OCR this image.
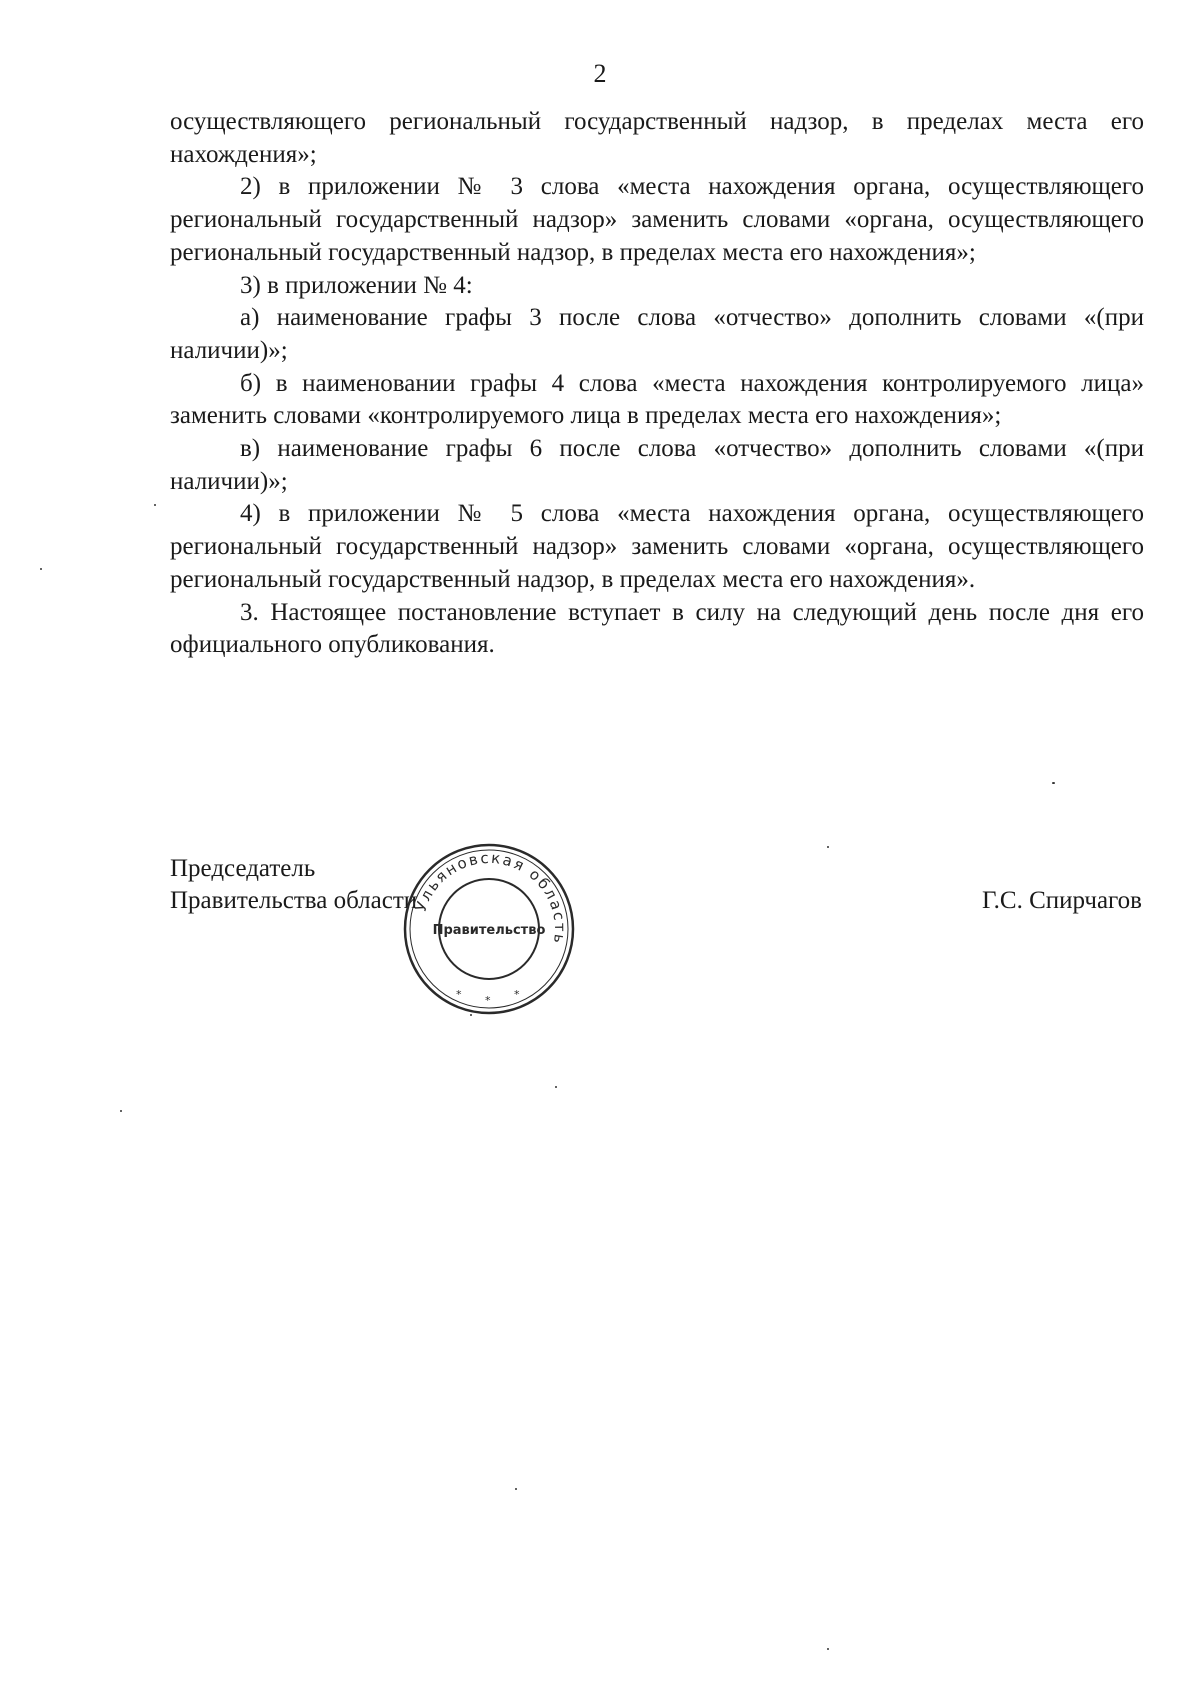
2

осуществляющего региональный государственный надзор, в пределах места его нахождения»;

2) в приложении № 3 слова «места нахождения органа, осуществляющего региональный государственный надзор» заменить словами «органа, осуществляющего региональный государственный надзор, в пределах места его нахождения»;

3) в приложении № 4:

а) наименование графы 3 после слова «отчество» дополнить словами «(при наличии)»;

б) в наименовании графы 4 слова «места нахождения контролируемого лица» заменить словами «контролируемого лица в пределах места его нахождения»;

в) наименование графы 6 после слова «отчество» дополнить словами «(при наличии)»;

4) в приложении № 5 слова «места нахождения органа, осуществляющего региональный государственный надзор» заменить словами «органа, осуществляющего региональный государственный надзор, в пределах места его нахождения».

3. Настоящее постановление вступает в силу на следующий день после дня его официального опубликования.

Председатель
Правительства области	Г.С. Спирчагов
Ульяновская область
Правительство
* * *
